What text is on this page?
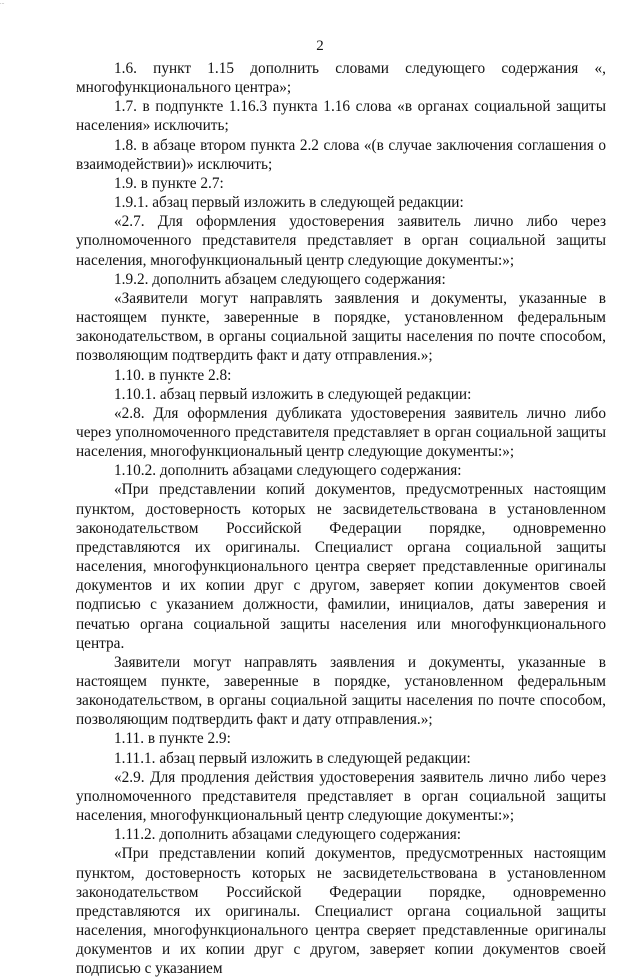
...
2

1.6. пункт 1.15 дополнить словами следующего содержания «, многофункционального центра»;

1.7. в подпункте 1.16.3 пункта 1.16 слова «в органах социальной защиты населения» исключить;

1.8. в абзаце втором пункта 2.2 слова «(в случае заключения соглашения о взаимодействии)» исключить;

1.9. в пункте 2.7:

1.9.1. абзац первый изложить в следующей редакции:

«2.7. Для оформления удостоверения заявитель лично либо через уполномоченного представителя представляет в орган социальной защиты населения, многофункциональный центр следующие документы:»;

1.9.2. дополнить абзацем следующего содержания:

«Заявители могут направлять заявления и документы, указанные в настоящем пункте, заверенные в порядке, установленном федеральным законодательством, в органы социальной защиты населения по почте способом, позволяющим подтвердить факт и дату отправления.»;

1.10. в пункте 2.8:

1.10.1. абзац первый изложить в следующей редакции:

«2.8. Для оформления дубликата удостоверения заявитель лично либо через уполномоченного представителя представляет в орган социальной защиты населения, многофункциональный центр следующие документы:»;

1.10.2. дополнить абзацами следующего содержания:

«При представлении копий документов, предусмотренных настоящим пунктом, достоверность которых не засвидетельствована в установленном законодательством Российской Федерации порядке, одновременно представляются их оригиналы. Специалист органа социальной защиты населения, многофункционального центра сверяет представленные оригиналы документов и их копии друг с другом, заверяет копии документов своей подписью с указанием должности, фамилии, инициалов, даты заверения и печатью органа социальной защиты населения или многофункционального центра.

Заявители могут направлять заявления и документы, указанные в настоящем пункте, заверенные в порядке, установленном федеральным законодательством, в органы социальной защиты населения по почте способом, позволяющим подтвердить факт и дату отправления.»;

1.11. в пункте 2.9:

1.11.1. абзац первый изложить в следующей редакции:

«2.9. Для продления действия удостоверения заявитель лично либо через уполномоченного представителя представляет в орган социальной защиты населения, многофункциональный центр следующие документы:»;

1.11.2. дополнить абзацами следующего содержания:

«При представлении копий документов, предусмотренных настоящим пунктом, достоверность которых не засвидетельствована в установленном законодательством Российской Федерации порядке, одновременно представляются их оригиналы. Специалист органа социальной защиты населения, многофункционального центра сверяет представленные оригиналы документов и их копии друг с другом, заверяет копии документов своей подписью с указанием
